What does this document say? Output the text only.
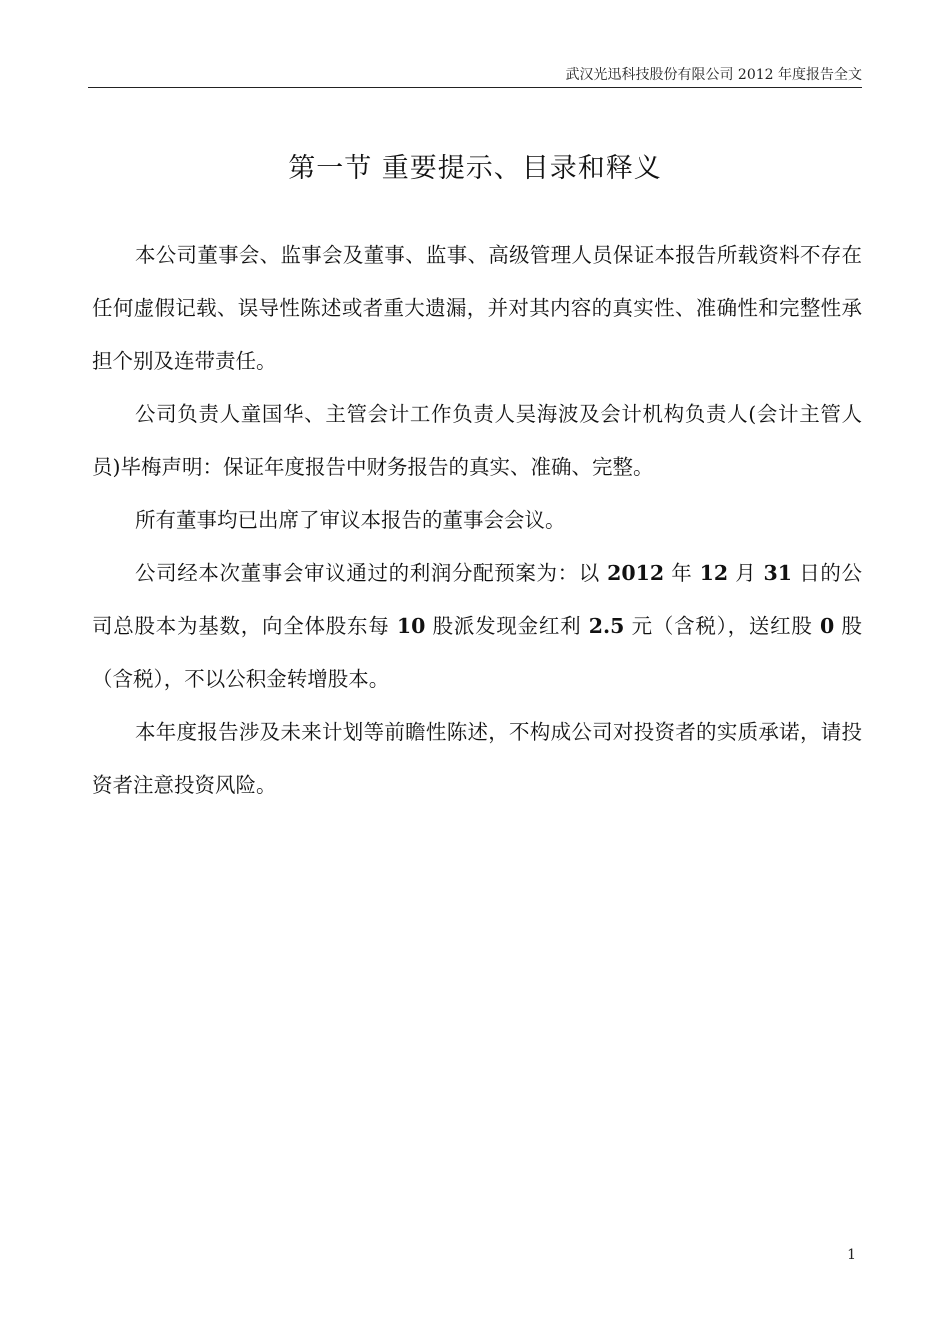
武汉光迅科技股份有限公司 2012 年度报告全文
第一节 重要提示、目录和释义

本公司董事会、监事会及董事、监事、高级管理人员保证本报告所载资料不存在任何虚假记载、误导性陈述或者重大遗漏，并对其内容的真实性、准确性和完整性承担个别及连带责任。

公司负责人童国华、主管会计工作负责人吴海波及会计机构负责人(会计主管人员)毕梅声明：保证年度报告中财务报告的真实、准确、完整。

所有董事均已出席了审议本报告的董事会会议。

公司经本次董事会审议通过的利润分配预案为：以 2012 年 12 月 31 日的公司总股本为基数，向全体股东每 10 股派发现金红利 2.5 元（含税），送红股 0 股（含税），不以公积金转增股本。

本年度报告涉及未来计划等前瞻性陈述，不构成公司对投资者的实质承诺，请投资者注意投资风险。

1
